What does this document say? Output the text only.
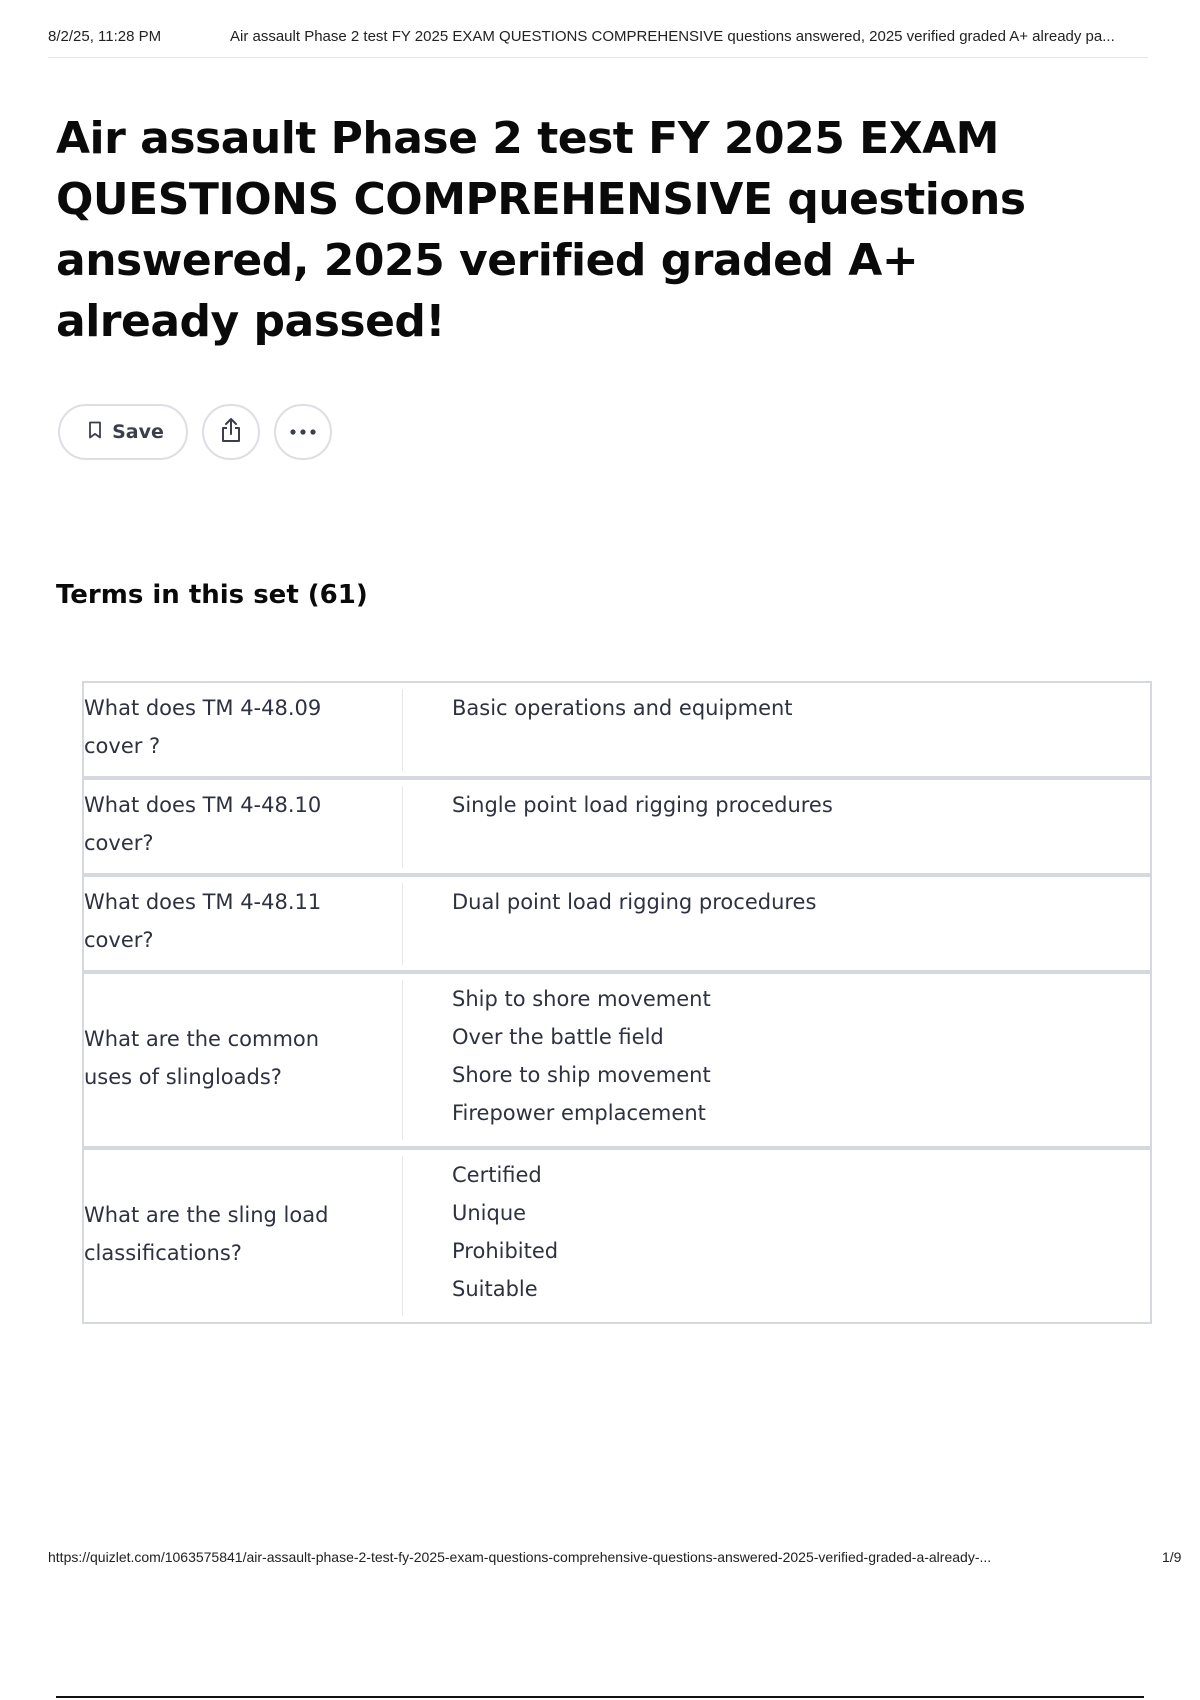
8/2/25, 11:28 PM	Air assault Phase 2 test FY 2025 EXAM QUESTIONS COMPREHENSIVE questions answered, 2025 verified graded A+ already pa...
Air assault Phase 2 test FY 2025 EXAM QUESTIONS COMPREHENSIVE questions answered, 2025 verified graded A+ already passed!
Save
Terms in this set (61)
What does TM 4-48.09
cover ?
Basic operations and equipment
What does TM 4-48.10
cover?
Single point load rigging procedures
What does TM 4-48.11
cover?
Dual point load rigging procedures
What are the common
uses of slingloads?
Ship to shore movement
Over the battle field
Shore to ship movement
Firepower emplacement
What are the sling load
classifications?
Certified
Unique
Prohibited
Suitable
https://quizlet.com/1063575841/air-assault-phase-2-test-fy-2025-exam-questions-comprehensive-questions-answered-2025-verified-graded-a-already-...	1/9
